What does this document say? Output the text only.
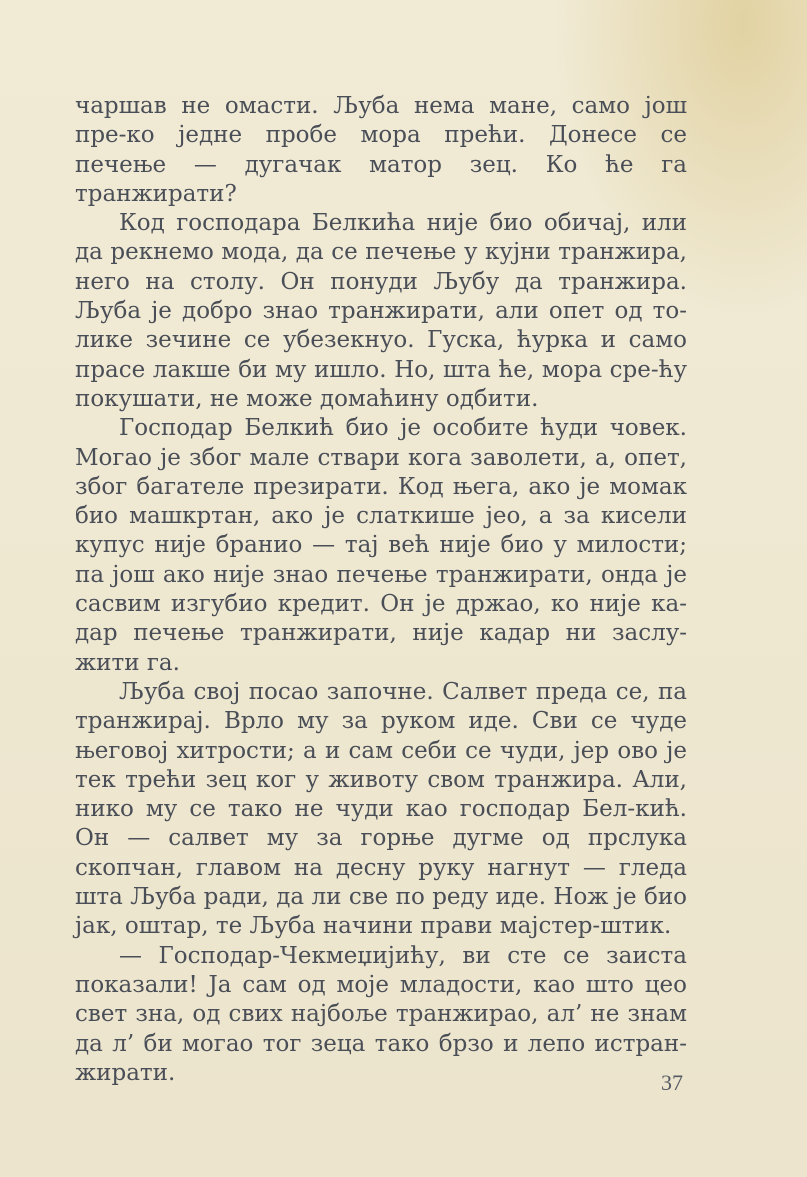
чаршав не омасти. Љуба нема мане, само још пре-ко једне пробе мора прећи. Донесе се печење — дугачак матор зец. Ко ће га транжирати?

Код господара Белкића није био обичај, или да рекнемо мода, да се печење у кујни транжира, него на столу. Он понуди Љубу да транжира. Љуба је добро знао транжирати, али опет од то-лике зечине се убезекнуо. Гуска, ћурка и само прасе лакше би му ишло. Но, шта ће, мора сре-ћу покушати, не може домаћину одбити.

Господар Белкић био је особите ћуди човек. Могао је због мале ствари кога заволети, а, опет, због багателе презирати. Код њега, ако је момак био машкртан, ако је слаткише јео, а за кисели купус није бранио — тај већ није био у милости; па још ако није знао печење транжирати, онда је сасвим изгубио кредит. Он је држао, ко није ка-дар печење транжирати, није кадар ни заслу-жити га.

Љуба свој посао започне. Салвет преда се, па транжирај. Врло му за руком иде. Сви се чуде његовој хитрости; а и сам себи се чуди, јер ово је тек трећи зец ког у животу свом транжира. Али, нико му се тако не чуди као господар Бел-кић. Он — салвет му за горње дугме од прслука скопчан, главом на десну руку нагнут — гледа шта Љуба ради, да ли све по реду иде. Нож је био јак, оштар, те Љуба начини прави мајстер-штик.

— Господар-Чекмеџијићу, ви сте се заиста показали! Ја сам од моје младости, као што цео свет зна, од свих најбоље транжирао, ал’ не знам да л’ би могао тог зеца тако брзо и лепо истран-жирати.	37
